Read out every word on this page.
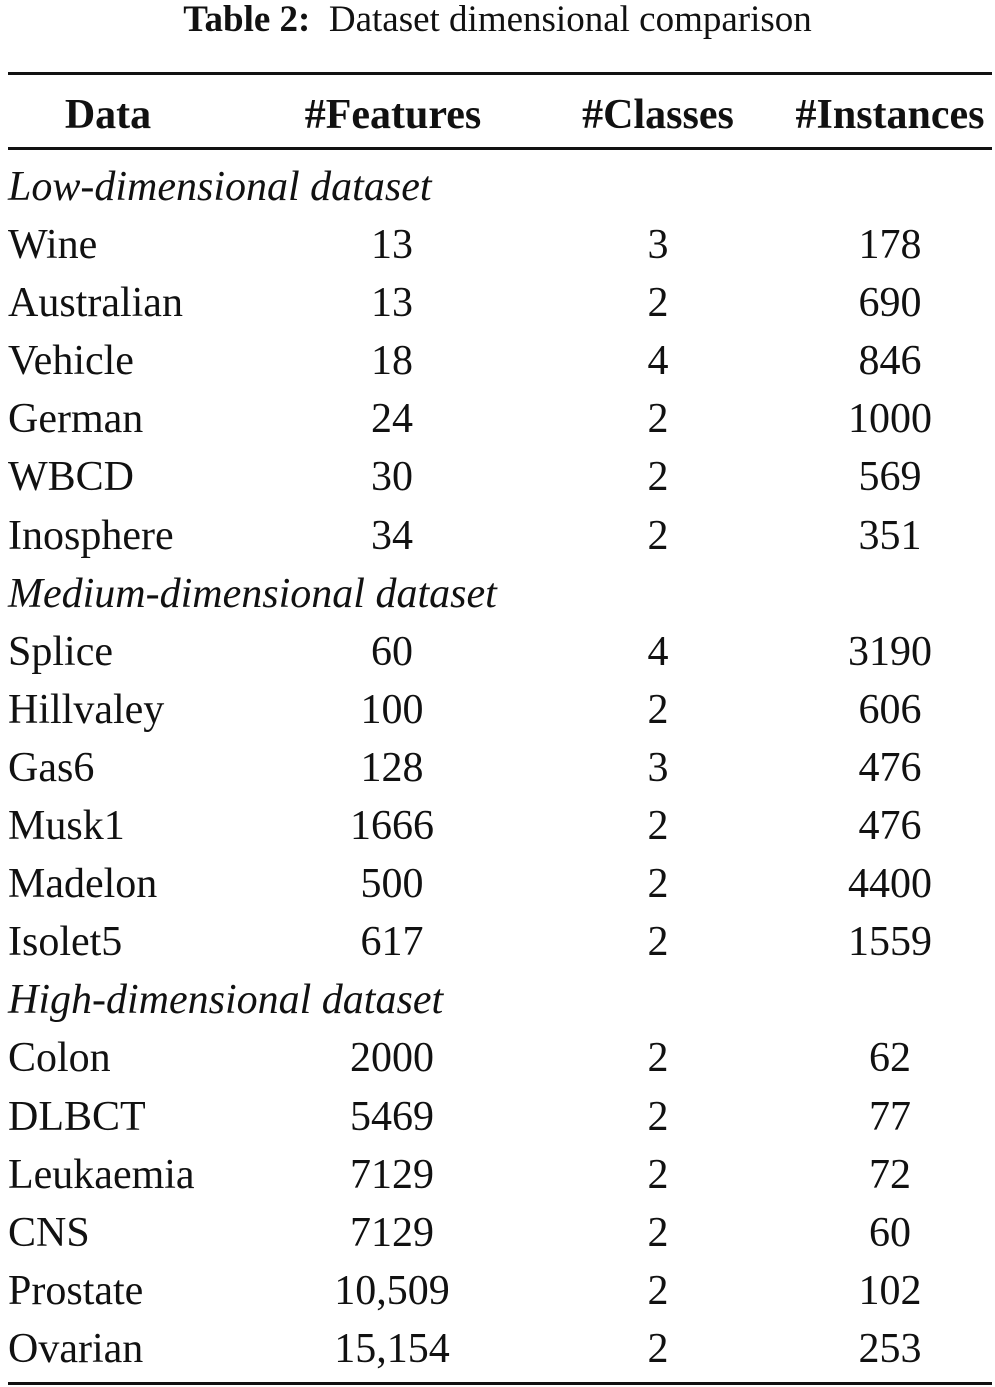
Table 2: Dataset dimensional comparison
Data	#Features	#Classes	#Instances
Low-dimensional dataset
Wine	13	3	178
Australian	13	2	690
Vehicle	18	4	846
German	24	2	1000
WBCD	30	2	569
Inosphere	34	2	351
Medium-dimensional dataset
Splice	60	4	3190
Hillvaley	100	2	606
Gas6	128	3	476
Musk1	1666	2	476
Madelon	500	2	4400
Isolet5	617	2	1559
High-dimensional dataset
Colon	2000	2	62
DLBCT	5469	2	77
Leukaemia	7129	2	72
CNS	7129	2	60
Prostate	10,509	2	102
Ovarian	15,154	2	253
